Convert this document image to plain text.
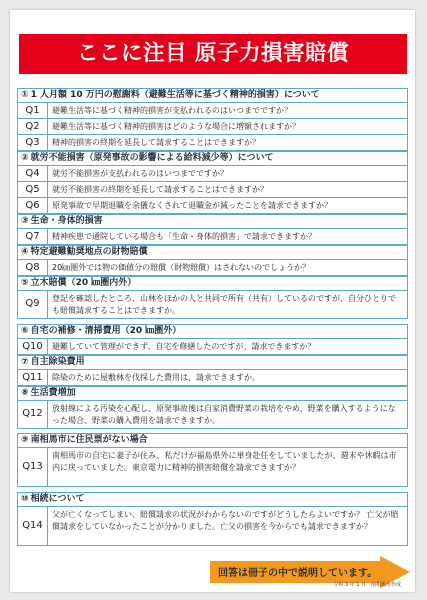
ここに注目 原子力損害賠償
① 1 人月額 10 万円の慰謝料（避難生活等に基づく精神的損害）について
Q1	避難生活等に基づく精神的損害が支払われるのはいつまでですか？
Q2	避難生活等に基づく精神的損害はどのような場合に増額されますか？
Q3	精神的損害の終期を延長して請求することはできますか？
② 就労不能損害（原発事故の影響による給料減少等）について
Q4	就労不能損害が支払われるのはいつまでですか？
Q5	就労不能損害の終期を延長して請求することはできますか？
Q6	原発事故で早期退職を余儀なくされて退職金が減ったことを請求できますか？
③ 生命・身体的損害
Q7	精神疾患で通院している場合も「生命・身体的損害」で請求できますか？
④ 特定避難勧奨地点の財物賠償
Q8	20㎞圏外では物の価値分の賠償（財物賠償）はされないのでしょうか？
⑤ 立木賠償（20 ㎞圏内外）
Q9	登記を確認したところ、山林をほかの人と共同で所有（共有）しているのですが、自分ひとりでも賠償請求することはできますか。
⑥ 自宅の補修・清掃費用（20 ㎞圏外）
Q10	避難していて管理ができず、自宅を修繕したのですが、請求できますか？
⑦ 自主除染費用
Q11	除染のために屋敷林を伐採した費用は、請求できますか。
⑧ 生活費増加
Q12	放射線による汚染を心配し、原発事故後は自家消費野菜の栽培をやめ、野菜を購入するようになった場合、野菜の購入費用を請求できますか。
⑨ 南相馬市に住民票がない場合
Q13
南相馬市の自宅に妻子が住み、私だけが福島県外に単身赴任をしていましたが、週末や休暇は市内に戻っていました。東京電力に精神的損害賠償を請求できますか？
⑩ 相続について
Q14
父が亡くなってしまい、賠償請求の状況がわからないのですがどうしたらよいですか？ 亡父が賠償請求をしていなかったことが分かりました。亡父の損害を今からでも請求できますか？
回答は冊子の中で説明しています。
令和 3 年 1 月　南相馬市作成
